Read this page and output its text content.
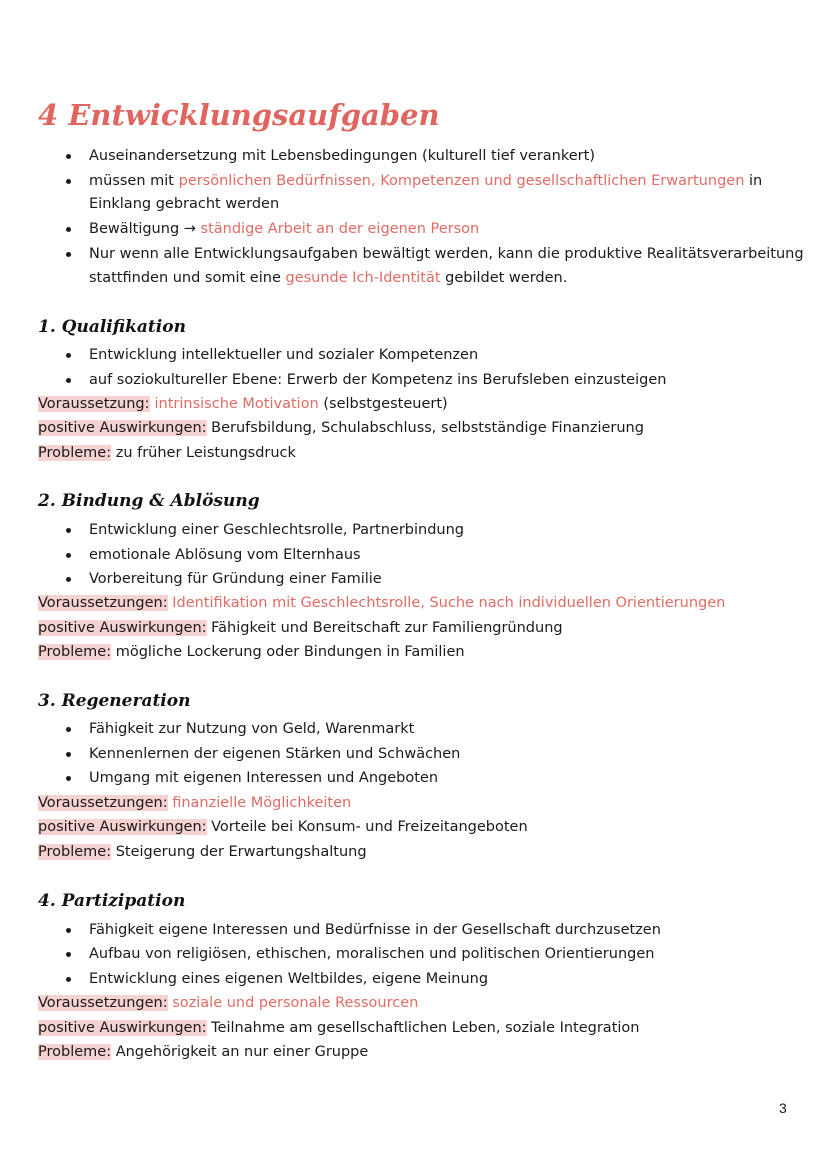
4 Entwicklungsaufgaben
Auseinandersetzung mit Lebensbedingungen (kulturell tief verankert)
müssen mit persönlichen Bedürfnissen, Kompetenzen und gesellschaftlichen Erwartungen in
Einklang gebracht werden
Bewältigung → ständige Arbeit an der eigenen Person
Nur wenn alle Entwicklungsaufgaben bewältigt werden, kann die produktive Realitätsverarbeitung
stattfinden und somit eine gesunde Ich-Identität gebildet werden.
1. Qualifikation
Entwicklung intellektueller und sozialer Kompetenzen
auf soziokultureller Ebene: Erwerb der Kompetenz ins Berufsleben einzusteigen
Voraussetzung: intrinsische Motivation (selbstgesteuert)
positive Auswirkungen: Berufsbildung, Schulabschluss, selbstständige Finanzierung
Probleme: zu früher Leistungsdruck
2. Bindung & Ablösung
Entwicklung einer Geschlechtsrolle, Partnerbindung
emotionale Ablösung vom Elternhaus
Vorbereitung für Gründung einer Familie
Voraussetzungen: Identifikation mit Geschlechtsrolle, Suche nach individuellen Orientierungen
positive Auswirkungen: Fähigkeit und Bereitschaft zur Familiengründung
Probleme: mögliche Lockerung oder Bindungen in Familien
3. Regeneration
Fähigkeit zur Nutzung von Geld, Warenmarkt
Kennenlernen der eigenen Stärken und Schwächen
Umgang mit eigenen Interessen und Angeboten
Voraussetzungen: finanzielle Möglichkeiten
positive Auswirkungen: Vorteile bei Konsum- und Freizeitangeboten
Probleme: Steigerung der Erwartungshaltung
4. Partizipation
Fähigkeit eigene Interessen und Bedürfnisse in der Gesellschaft durchzusetzen
Aufbau von religiösen, ethischen, moralischen und politischen Orientierungen
Entwicklung eines eigenen Weltbildes, eigene Meinung
Voraussetzungen: soziale und personale Ressourcen
positive Auswirkungen: Teilnahme am gesellschaftlichen Leben, soziale Integration
Probleme: Angehörigkeit an nur einer Gruppe
3
